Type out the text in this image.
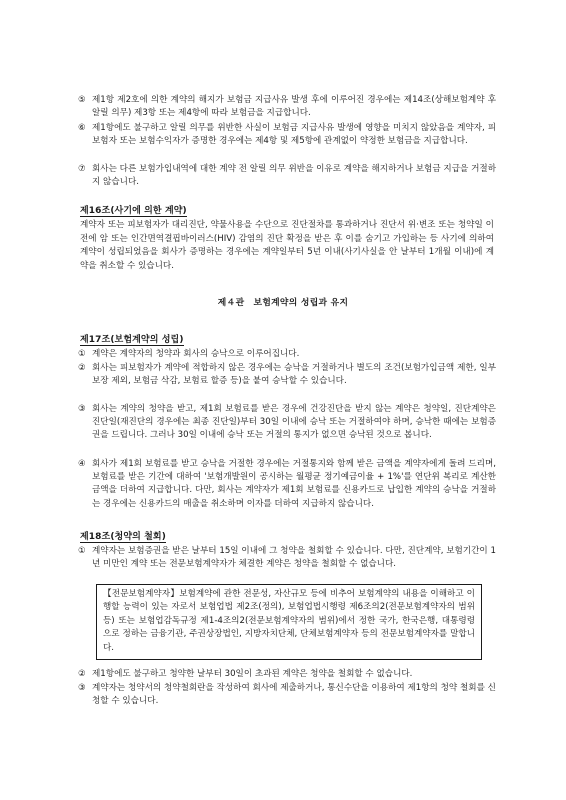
⑤ 제1항 제2호에 의한 계약의 해지가 보험금 지급사유 발생 후에 이루어진 경우에는 제14조(상해보험계약 후 알릴 의무) 제3항 또는 제4항에 따라 보험금을 지급합니다.
⑥ 제1항에도 불구하고 알릴 의무를 위반한 사실이 보험금 지급사유 발생에 영향을 미치지 않았음을 계약자, 피보험자 또는 보험수익자가 증명한 경우에는 제4항 및 제5항에 관계없이 약정한 보험금을 지급합니다.
⑦ 회사는 다른 보험가입내역에 대한 계약 전 알릴 의무 위반을 이유로 계약을 해지하거나 보험금 지급을 거절하지 않습니다.
제16조(사기에 의한 계약)
계약자 또는 피보험자가 대리진단, 약물사용을 수단으로 진단절차를 통과하거나 진단서 위·변조 또는 청약일 이전에 암 또는 인간면역결핍바이러스(HIV) 감염의 진단 확정을 받은 후 이를 숨기고 가입하는 등 사기에 의하여 계약이 성립되었음을 회사가 증명하는 경우에는 계약일부터 5년 이내(사기사실을 안 날부터 1개월 이내)에 계약을 취소할 수 있습니다.
제４관　보험계약의 성립과 유지
제17조(보험계약의 성립)
① 계약은 계약자의 청약과 회사의 승낙으로 이루어집니다.
② 회사는 피보험자가 계약에 적합하지 않은 경우에는 승낙을 거절하거나 별도의 조건(보험가입금액 제한, 일부보장 제외, 보험금 삭감, 보험료 할증 등)을 붙여 승낙할 수 있습니다.
③ 회사는 계약의 청약을 받고, 제1회 보험료를 받은 경우에 건강진단을 받지 않는 계약은 청약일, 진단계약은 진단일(재진단의 경우에는 최종 진단일)부터 30일 이내에 승낙 또는 거절하여야 하며, 승낙한 때에는 보험증권을 드립니다. 그러나 30일 이내에 승낙 또는 거절의 통지가 없으면 승낙된 것으로 봅니다.
④ 회사가 제1회 보험료를 받고 승낙을 거절한 경우에는 거절통지와 함께 받은 금액을 계약자에게 돌려 드리며, 보험료를 받은 기간에 대하여 '보험개발원이 공시하는 월평균 정기예금이율 + 1%'를 연단위 복리로 계산한 금액을 더하여 지급합니다. 다만, 회사는 계약자가 제1회 보험료를 신용카드로 납입한 계약의 승낙을 거절하는 경우에는 신용카드의 매출을 취소하며 이자를 더하여 지급하지 않습니다.
제18조(청약의 철회)
① 계약자는 보험증권을 받은 날부터 15일 이내에 그 청약을 철회할 수 있습니다. 다만, 진단계약, 보험기간이 1년 미만인 계약 또는 전문보험계약자가 체결한 계약은 청약을 철회할 수 없습니다.
【전문보험계약자】보험계약에 관한 전문성, 자산규모 등에 비추어 보험계약의 내용을 이해하고 이행할 능력이 있는 자로서 보험업법 제2조(정의), 보험업법시행령 제6조의2(전문보험계약자의 범위 등) 또는 보험업감독규정 제1-4조의2(전문보험계약자의 범위)에서 정한 국가, 한국은행, 대통령령으로 정하는 금융기관, 주권상장법인, 지방자치단체, 단체보험계약자 등의 전문보험계약자를 말합니다.
② 제1항에도 불구하고 청약한 날부터 30일이 초과된 계약은 청약을 철회할 수 없습니다.
③ 계약자는 청약서의 청약철회란을 작성하여 회사에 제출하거나, 통신수단을 이용하여 제1항의 청약 철회를 신청할 수 있습니다.
